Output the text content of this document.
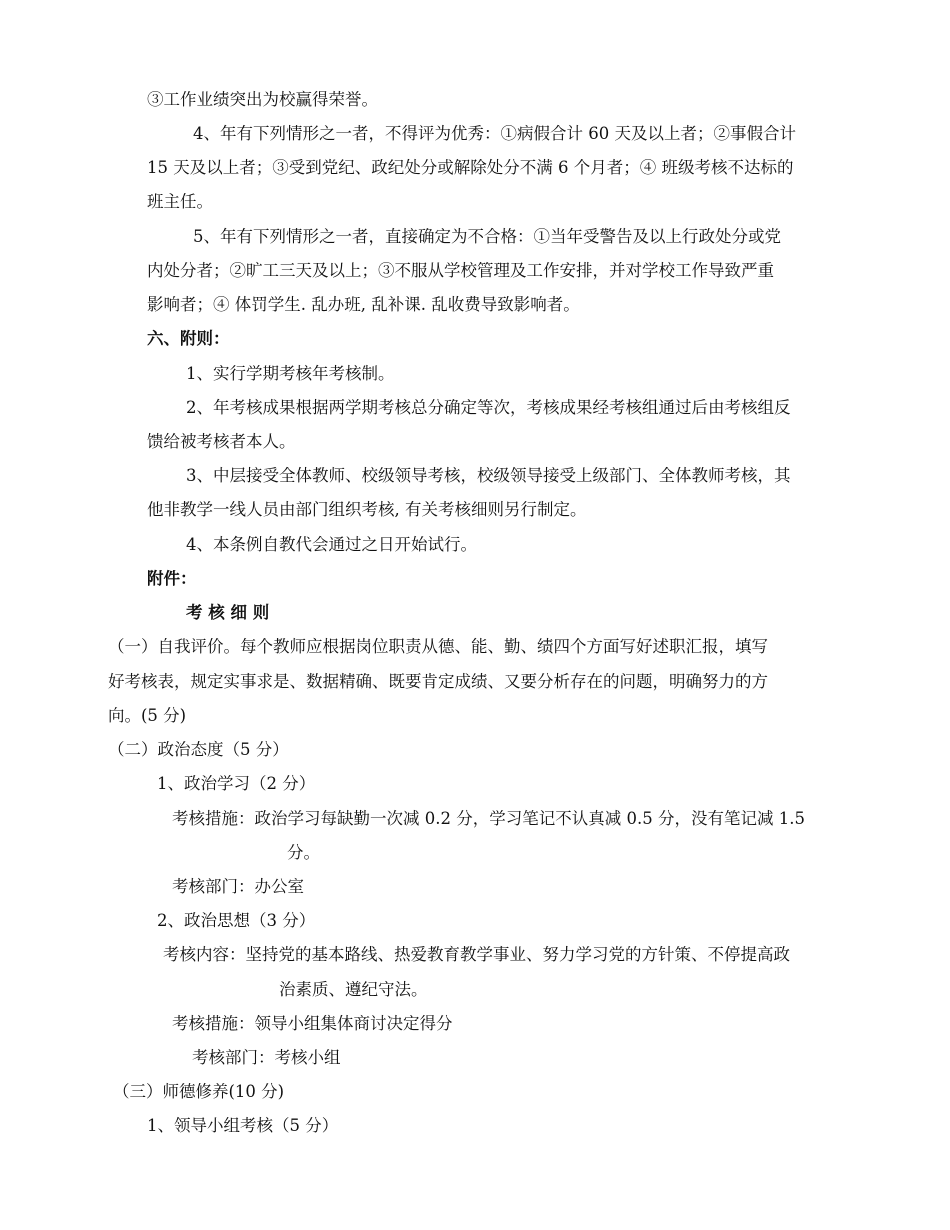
③工作业绩突出为校赢得荣誉。
4、年有下列情形之一者，不得评为优秀：①病假合计 60 天及以上者；②事假合计
15 天及以上者；③受到党纪、政纪处分或解除处分不满 6 个月者；④ 班级考核不达标的
班主任。
5、年有下列情形之一者，直接确定为不合格：①当年受警告及以上行政处分或党
内处分者；②旷工三天及以上；③不服从学校管理及工作安排，并对学校工作导致严重
影响者；④ 体罚学生. 乱办班, 乱补课. 乱收费导致影响者。
六、附则：
1、实行学期考核年考核制。
2、年考核成果根据两学期考核总分确定等次，考核成果经考核组通过后由考核组反
馈给被考核者本人。
3、中层接受全体教师、校级领导考核，校级领导接受上级部门、全体教师考核，其
他非教学一线人员由部门组织考核, 有关考核细则另行制定。
4、本条例自教代会通过之日开始试行。
附件：
考 核 细 则
（一）自我评价。每个教师应根据岗位职责从德、能、勤、绩四个方面写好述职汇报，填写
好考核表，规定实事求是、数据精确、既要肯定成绩、又要分析存在的问题，明确努力的方
向。(5 分)
（二）政治态度（5 分）
1、政治学习（2 分）
考核措施：政治学习每缺勤一次减 0.2 分，学习笔记不认真减 0.5 分，没有笔记减 1.5
分。
考核部门：办公室
2、政治思想（3 分）
考核内容：坚持党的基本路线、热爱教育教学事业、努力学习党的方针策、不停提高政
治素质、遵纪守法。
考核措施：领导小组集体商讨决定得分
考核部门：考核小组
（三）师德修养(10 分)
1、领导小组考核（5 分）
